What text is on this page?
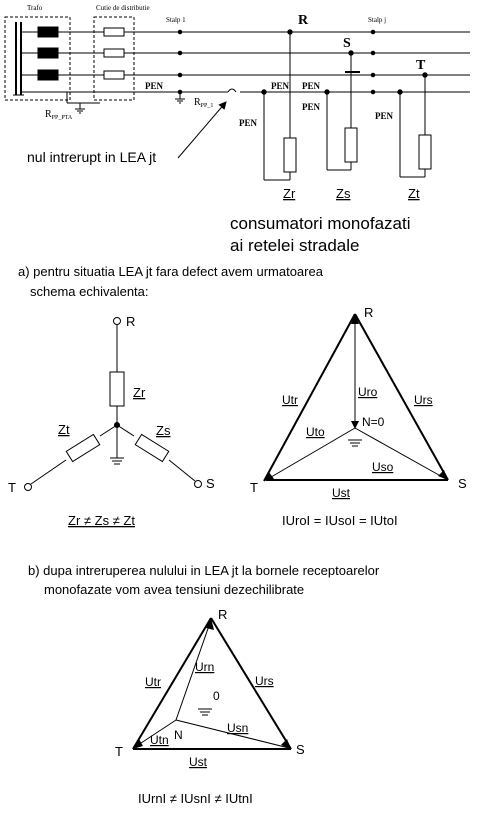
Trafo	Cutie de distributie
Stalp 1	Stalp j
R
S
T
PEN	PEN PEN
PEN
PEN
PEN
$R_{PP\_PTA}$
$R_{PP\_1}$
nul intrerupt in LEA jt
Zr	Zs	Zt
consumatori monofazati
ai retelei stradale
a) pentru situatia LEA jt fara defect avem urmatoarea
schema echivalenta:
R
T	S
Zr
Zt	Zs
Zr ≠ Zs ≠ Zt
R
T	S
N=0
Utr	Urs
Uro
Uto
Uso
Ust
IUroI = IUsoI = IUtoI
b) dupa intreruperea nulului in LEA jt la bornele receptoarelor
monofazate vom avea tensiuni dezechilibrate
R
T	S
0
N
Utr	Urs
Urn
Usn
Utn
Ust
IUrnI ≠ IUsnI ≠ IUtnI
